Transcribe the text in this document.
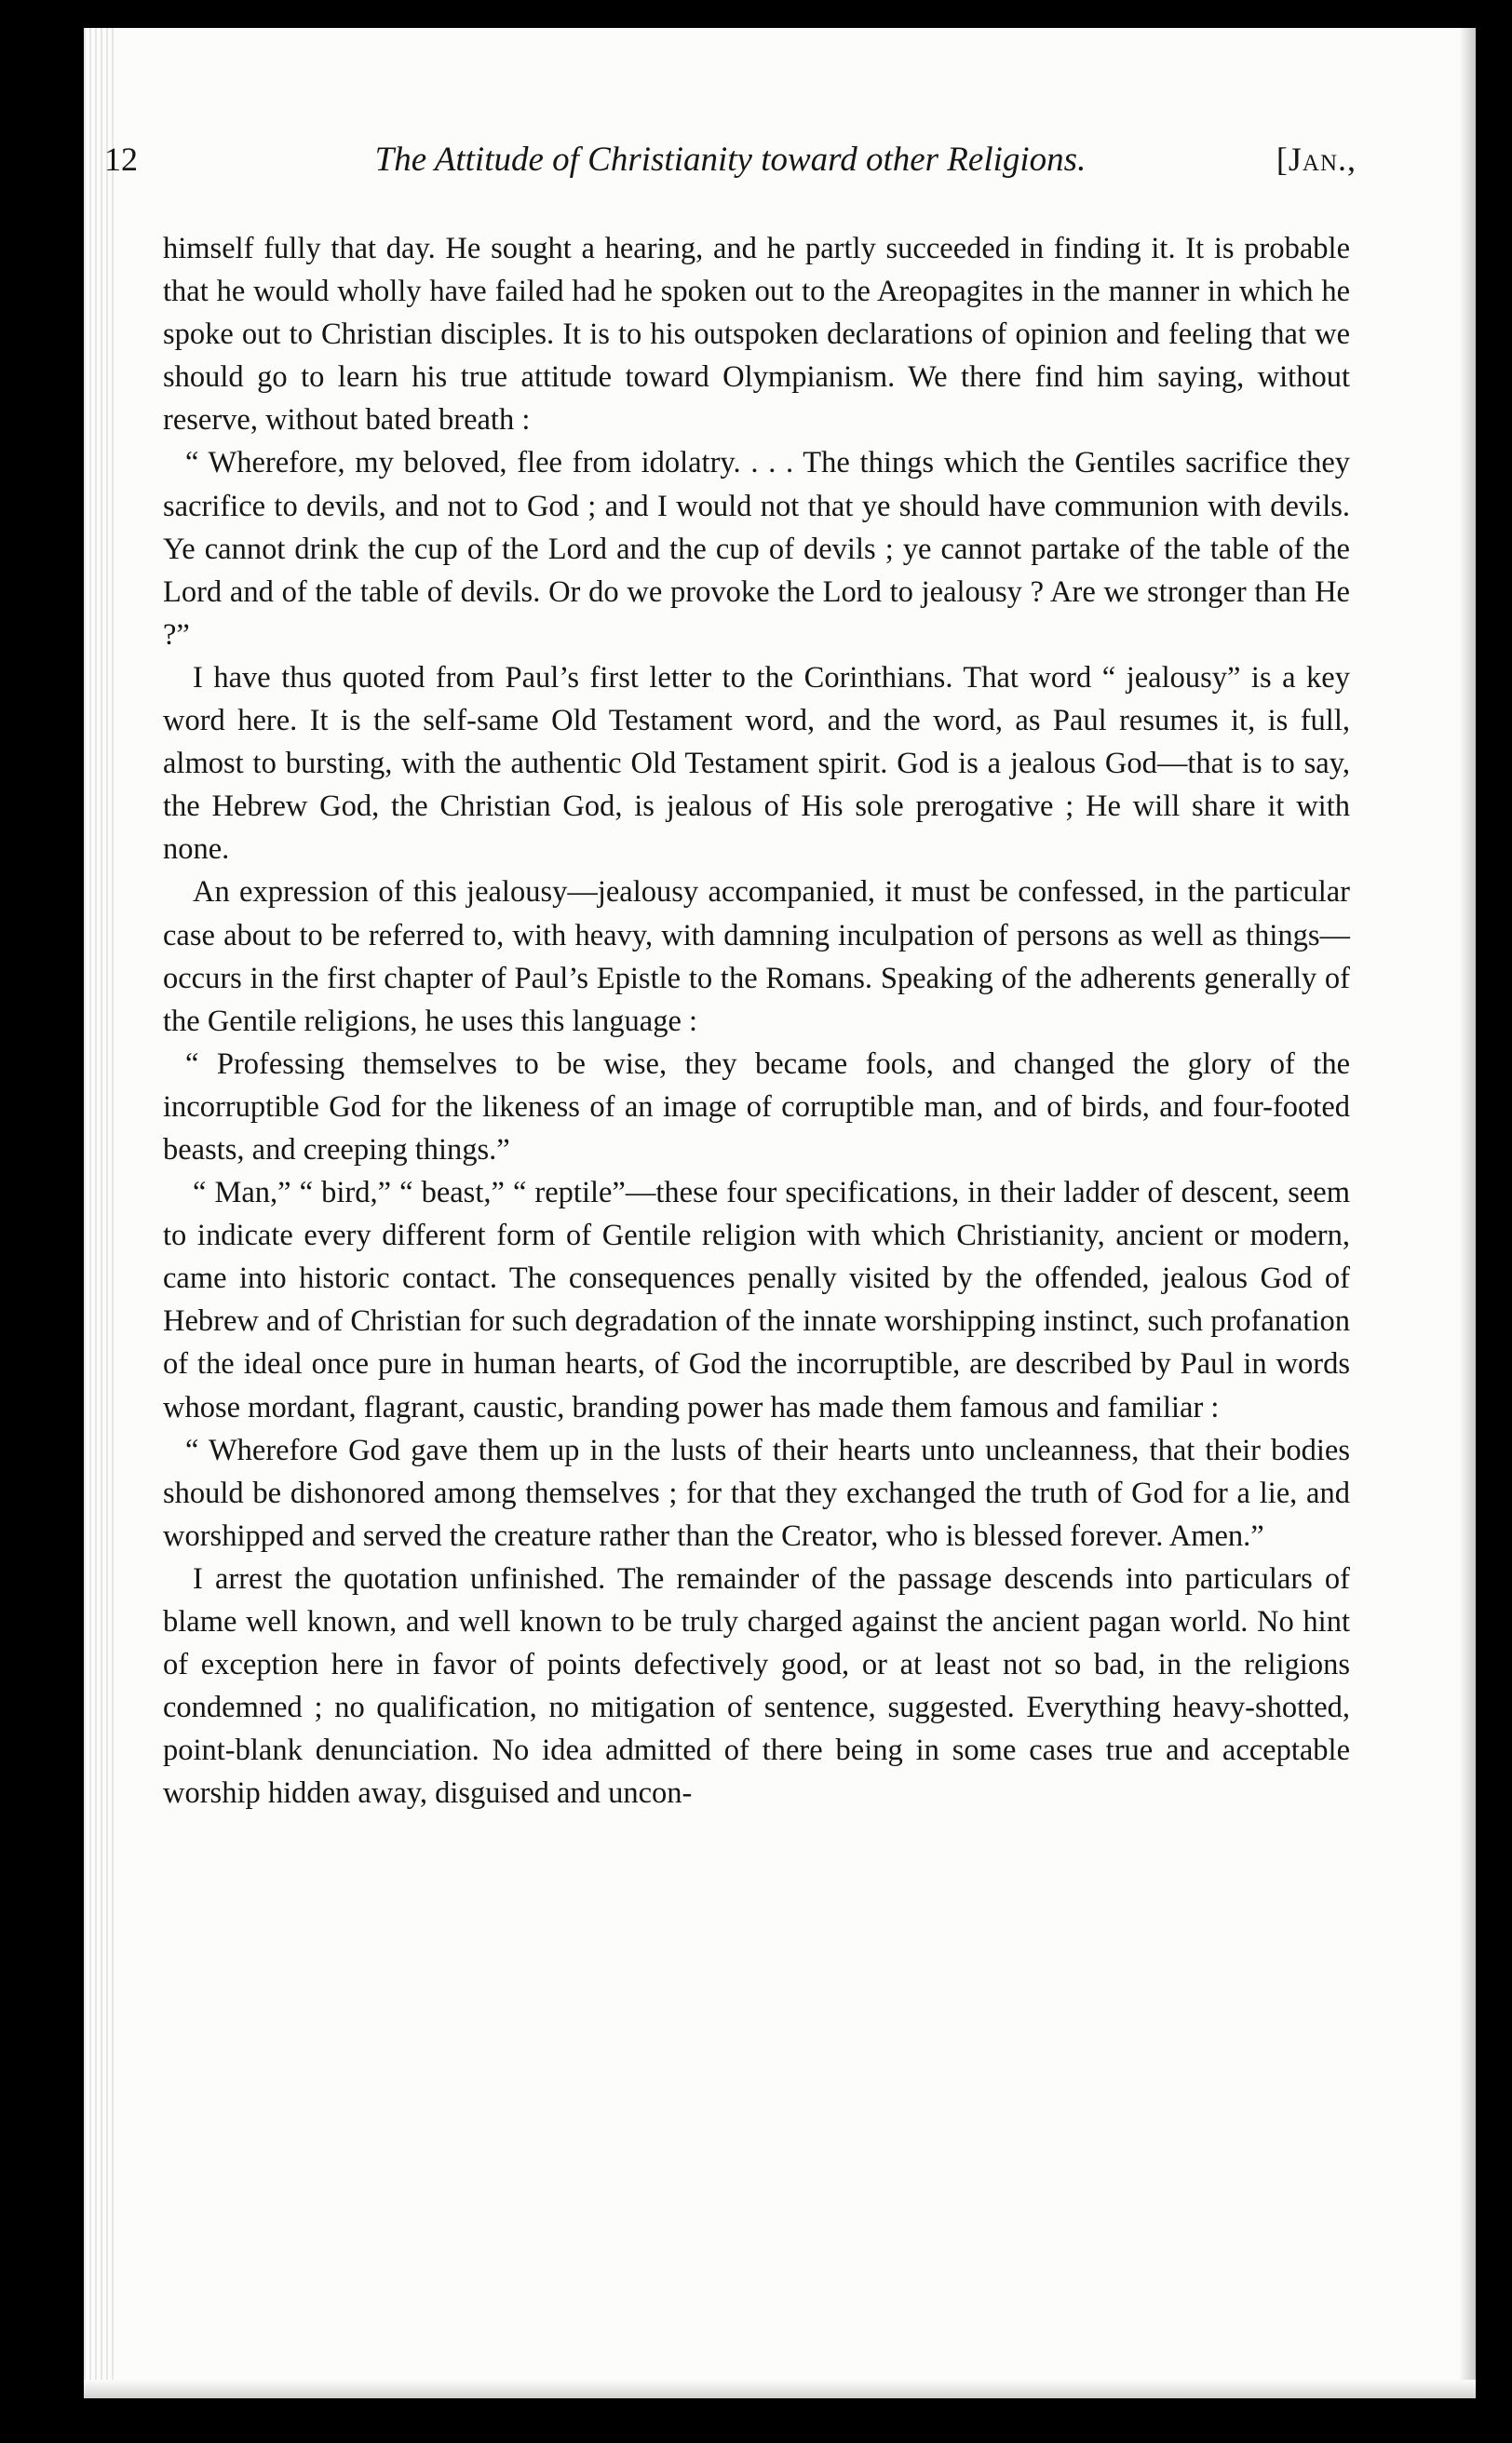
12	The Attitude of Christianity toward other Religions.	[Jan.,

himself fully that day. He sought a hearing, and he partly succeeded in finding it. It is probable that he would wholly have failed had he spoken out to the Areopagites in the manner in which he spoke out to Christian disciples. It is to his outspoken declarations of opinion and feeling that we should go to learn his true attitude toward Olympianism. We there find him saying, without reserve, without bated breath :

“ Wherefore, my beloved, flee from idolatry. . . . The things which the Gentiles sacrifice they sacrifice to devils, and not to God ; and I would not that ye should have communion with devils. Ye cannot drink the cup of the Lord and the cup of devils ; ye cannot partake of the table of the Lord and of the table of devils. Or do we provoke the Lord to jealousy ? Are we stronger than He ?”

I have thus quoted from Paul’s first letter to the Corinthians. That word “ jealousy” is a key word here. It is the self-same Old Testament word, and the word, as Paul resumes it, is full, almost to bursting, with the authentic Old Testament spirit. God is a jealous God—that is to say, the Hebrew God, the Christian God, is jealous of His sole prerogative ; He will share it with none.

An expression of this jealousy—jealousy accompanied, it must be confessed, in the particular case about to be referred to, with heavy, with damning inculpation of persons as well as things—occurs in the first chapter of Paul’s Epistle to the Romans. Speaking of the adherents generally of the Gentile religions, he uses this language :

“ Professing themselves to be wise, they became fools, and changed the glory of the incorruptible God for the likeness of an image of corruptible man, and of birds, and four-footed beasts, and creeping things.”

“ Man,” “ bird,” “ beast,” “ reptile”—these four specifications, in their ladder of descent, seem to indicate every different form of Gentile religion with which Christianity, ancient or modern, came into historic contact. The consequences penally visited by the offended, jealous God of Hebrew and of Christian for such degradation of the innate worshipping instinct, such profanation of the ideal once pure in human hearts, of God the incorruptible, are described by Paul in words whose mordant, flagrant, caustic, branding power has made them famous and familiar :

“ Wherefore God gave them up in the lusts of their hearts unto uncleanness, that their bodies should be dishonored among themselves ; for that they exchanged the truth of God for a lie, and worshipped and served the creature rather than the Creator, who is blessed forever. Amen.”

I arrest the quotation unfinished. The remainder of the passage descends into particulars of blame well known, and well known to be truly charged against the ancient pagan world. No hint of exception here in favor of points defectively good, or at least not so bad, in the religions condemned ; no qualification, no mitigation of sentence, suggested. Everything heavy-shotted, point-blank denunciation. No idea admitted of there being in some cases true and acceptable worship hidden away, disguised and uncon-
